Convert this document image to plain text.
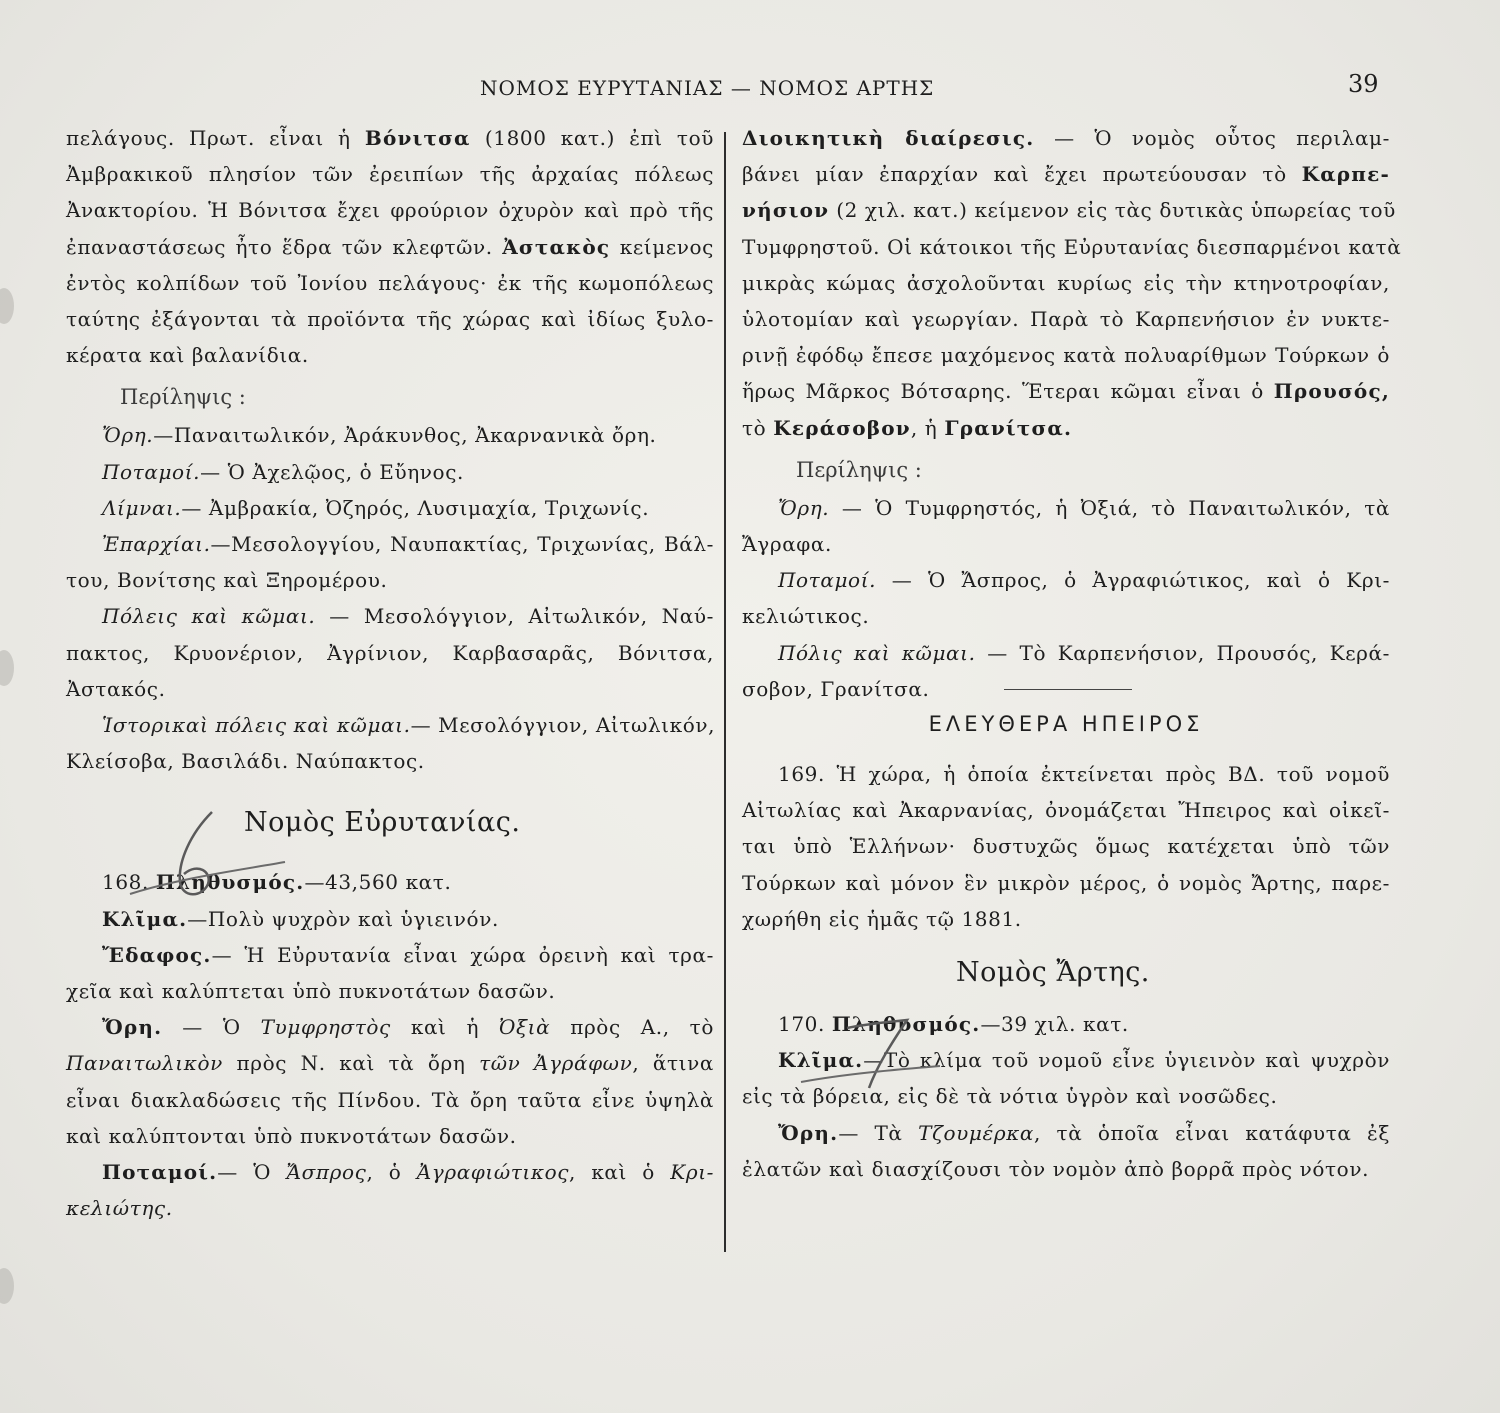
ΝΟΜΟΣ ΕΥΡΥΤΑΝΙΑΣ — ΝΟΜΟΣ ΑΡΤΗΣ	39
πελάγους. Πρωτ. εἶναι ἡ Βόνιτσα (1800 κατ.) ἐπὶ τοῦ
Ἀμβρακικοῦ πλησίον τῶν ἐρειπίων τῆς ἀρχαίας πόλεως
Ἀνακτορίου. Ἡ Βόνιτσα ἔχει φρούριον ὀχυρὸν καὶ πρὸ τῆς
ἐπαναστάσεως ἦτο ἕδρα τῶν κλεφτῶν. Ἀστακὸς κείμενος
ἐντὸς κολπίδων τοῦ Ἰονίου πελάγους· ἐκ τῆς κωμοπόλεως
ταύτης ἐξάγονται τὰ προϊόντα τῆς χώρας καὶ ἰδίως ξυλο-
κέρατα καὶ βαλανίδια.
Περίληψις :
Ὄρη.—Παναιτωλικόν, Ἀράκυνθος, Ἀκαρνανικὰ ὄρη.
Ποταμοί.— Ὁ Ἀχελῷος, ὁ Εὔηνος.
Λίμναι.— Ἀμβρακία, Ὀζηρός, Λυσιμαχία, Τριχωνίς.
Ἐπαρχίαι.—Μεσολογγίου, Ναυπακτίας, Τριχωνίας, Βάλ-
του, Βονίτσης καὶ Ξηρομέρου.
Πόλεις καὶ κῶμαι. — Μεσολόγγιον, Αἰτωλικόν, Ναύ-
πακτος, Κρυονέριον, Ἀγρίνιον, Καρβασαρᾶς, Βόνιτσα,
Ἀστακός.
Ἱστορικαὶ πόλεις καὶ κῶμαι.— Μεσολόγγιον, Αἰτωλικόν,
Κλείσοβα, Βασιλάδι. Ναύπακτος.
Νομὸς Εὐρυτανίας.
168. Πληθυσμός.—43,560 κατ.
Κλῖμα.—Πολὺ ψυχρὸν καὶ ὑγιεινόν.
Ἔδαφος.— Ἡ Εὐρυτανία εἶναι χώρα ὀρεινὴ καὶ τρα-
χεῖα καὶ καλύπτεται ὑπὸ πυκνοτάτων δασῶν.
Ὄρη. — Ὁ Τυμφρηστὸς καὶ ἡ Ὀξιὰ πρὸς Α., τὸ
Παναιτωλικὸν πρὸς Ν. καὶ τὰ ὄρη τῶν Ἀγράφων, ἅτινα
εἶναι διακλαδώσεις τῆς Πίνδου. Τὰ ὄρη ταῦτα εἶνε ὑψηλὰ
καὶ καλύπτονται ὑπὸ πυκνοτάτων δασῶν.
Ποταμοί.— Ὁ Ἄσπρος, ὁ Ἀγραφιώτικος, καὶ ὁ Κρι-
κελιώτης.
Διοικητικὴ διαίρεσις. — Ὁ νομὸς οὗτος περιλαμ-
βάνει μίαν ἐπαρχίαν καὶ ἔχει πρωτεύουσαν τὸ Καρπε-
νήσιον (2 χιλ. κατ.) κείμενον εἰς τὰς δυτικὰς ὑπωρείας τοῦ
Τυμφρηστοῦ. Οἱ κάτοικοι τῆς Εὐρυτανίας διεσπαρμένοι κατὰ
μικρὰς κώμας ἀσχολοῦνται κυρίως εἰς τὴν κτηνοτροφίαν,
ὑλοτομίαν καὶ γεωργίαν. Παρὰ τὸ Καρπενήσιον ἐν νυκτε-
ρινῇ ἐφόδῳ ἔπεσε μαχόμενος κατὰ πολυαρίθμων Τούρκων ὁ
ἥρως Μᾶρκος Βότσαρης. Ἕτεραι κῶμαι εἶναι ὁ Προυσός,
τὸ Κεράσοβον, ἡ Γρανίτσα.
Περίληψις :
Ὄρη. — Ὁ Τυμφρηστός, ἡ Ὀξιά, τὸ Παναιτωλικόν, τὰ
Ἄγραφα.
Ποταμοί. — Ὁ Ἄσπρος, ὁ Ἀγραφιώτικος, καὶ ὁ Κρι-
κελιώτικος.
Πόλις καὶ κῶμαι. — Τὸ Καρπενήσιον, Προυσός, Κερά-
σοβον, Γρανίτσα.
ΕΛΕΥΘΕΡΑ ΗΠΕΙΡΟΣ
169. Ἡ χώρα, ἡ ὁποία ἐκτείνεται πρὸς ΒΔ. τοῦ νομοῦ
Αἰτωλίας καὶ Ἀκαρνανίας, ὀνομάζεται Ἤπειρος καὶ οἰκεῖ-
ται ὑπὸ Ἑλλήνων· δυστυχῶς ὅμως κατέχεται ὑπὸ τῶν
Τούρκων καὶ μόνον ἓν μικρὸν μέρος, ὁ νομὸς Ἄρτης, παρε-
χωρήθη εἰς ἡμᾶς τῷ 1881.
Νομὸς Ἄρτης.
170. Πληθυσμός.—39 χιλ. κατ.
Κλῖμα.—Τὸ κλίμα τοῦ νομοῦ εἶνε ὑγιεινὸν καὶ ψυχρὸν
εἰς τὰ βόρεια, εἰς δὲ τὰ νότια ὑγρὸν καὶ νοσῶδες.
Ὄρη.— Τὰ Τζουμέρκα, τὰ ὁποῖα εἶναι κατάφυτα ἐξ
ἐλατῶν καὶ διασχίζουσι τὸν νομὸν ἀπὸ βορρᾶ πρὸς νότον.
